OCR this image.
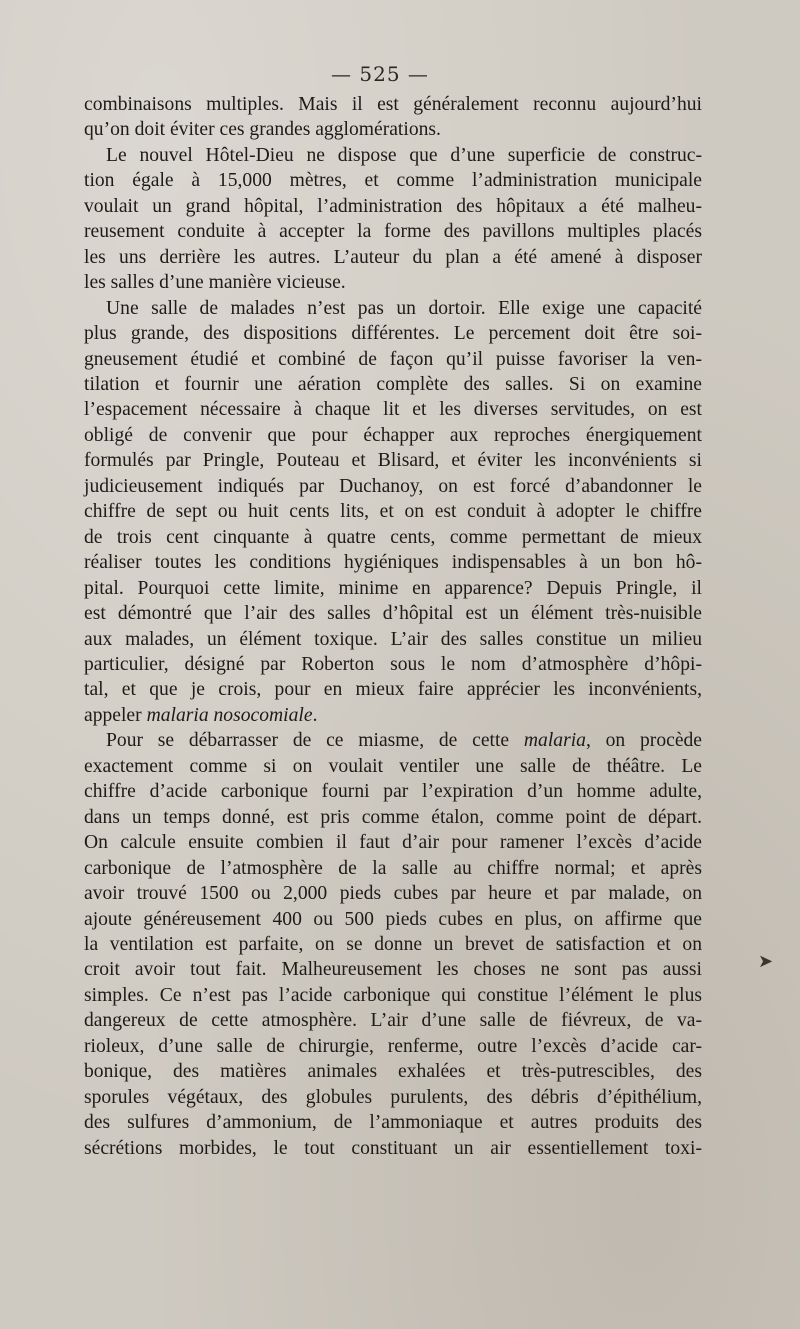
— 525 —

combinaisons multiples. Mais il est généralement reconnu aujourd’hui
qu’on doit éviter ces grandes agglomérations.

Le nouvel Hôtel-Dieu ne dispose que d’une superficie de construc-
tion égale à 15,000 mètres, et comme l’administration municipale
voulait un grand hôpital, l’administration des hôpitaux a été malheu-
reusement conduite à accepter la forme des pavillons multiples placés
les uns derrière les autres. L’auteur du plan a été amené à disposer
les salles d’une manière vicieuse.

Une salle de malades n’est pas un dortoir. Elle exige une capacité
plus grande, des dispositions différentes. Le percement doit être soi-
gneusement étudié et combiné de façon qu’il puisse favoriser la ven-
tilation et fournir une aération complète des salles. Si on examine
l’espacement nécessaire à chaque lit et les diverses servitudes, on est
obligé de convenir que pour échapper aux reproches énergiquement
formulés par Pringle, Pouteau et Blisard, et éviter les inconvénients si
judicieusement indiqués par Duchanoy, on est forcé d’abandonner le
chiffre de sept ou huit cents lits, et on est conduit à adopter le chiffre
de trois cent cinquante à quatre cents, comme permettant de mieux
réaliser toutes les conditions hygiéniques indispensables à un bon hô-
pital. Pourquoi cette limite, minime en apparence? Depuis Pringle, il
est démontré que l’air des salles d’hôpital est un élément très-nuisible
aux malades, un élément toxique. L’air des salles constitue un milieu
particulier, désigné par Roberton sous le nom d’atmosphère d’hôpi-
tal, et que je crois, pour en mieux faire apprécier les inconvénients,
appeler malaria nosocomiale.

Pour se débarrasser de ce miasme, de cette malaria, on procède
exactement comme si on voulait ventiler une salle de théâtre. Le
chiffre d’acide carbonique fourni par l’expiration d’un homme adulte,
dans un temps donné, est pris comme étalon, comme point de départ.
On calcule ensuite combien il faut d’air pour ramener l’excès d’acide
carbonique de l’atmosphère de la salle au chiffre normal; et après
avoir trouvé 1500 ou 2,000 pieds cubes par heure et par malade, on
ajoute généreusement 400 ou 500 pieds cubes en plus, on affirme que
la ventilation est parfaite, on se donne un brevet de satisfaction et on
croit avoir tout fait. Malheureusement les choses ne sont pas aussi
simples. Ce n’est pas l’acide carbonique qui constitue l’élément le plus
dangereux de cette atmosphère. L’air d’une salle de fiévreux, de va-
rioleux, d’une salle de chirurgie, renferme, outre l’excès d’acide car-
bonique, des matières animales exhalées et très-putrescibles, des
sporules végétaux, des globules purulents, des débris d’épithélium,
des sulfures d’ammonium, de l’ammoniaque et autres produits des
sécrétions morbides, le tout constituant un air essentiellement toxi-

➤
